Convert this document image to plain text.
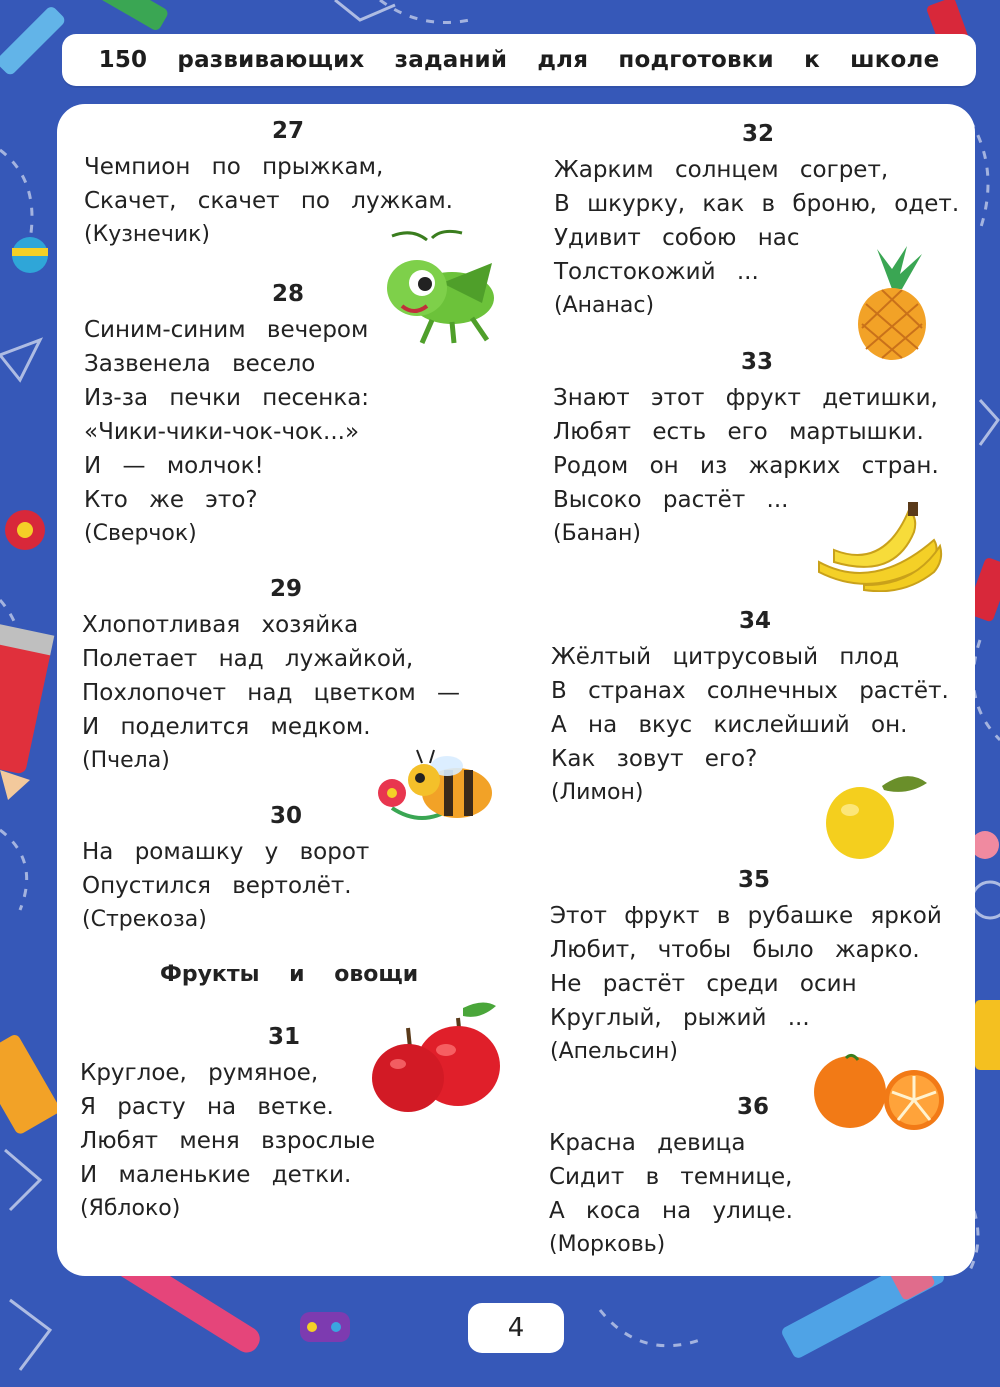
150 развивающих заданий для подготовки к школе
27
Чемпион по прыжкам,
Скачет, скачет по лужкам.
(Кузнечик)
28
Синим-синим вечером
Зазвенела весело
Из-за печки песенка:
«Чики-чики-чок-чок...»
И — молчок!
Кто же это?
(Сверчок)
29
Хлопотливая хозяйка
Полетает над лужайкой,
Похлопочет над цветком —
И поделится медком.
(Пчела)
30
На ромашку у ворот
Опустился вертолёт.
(Стрекоза)
Фрукты и овощи
31
Круглое, румяное,
Я расту на ветке.
Любят меня взрослые
И маленькие детки.
(Яблоко)
32
Жарким солнцем согрет,
В шкурку, как в броню, одет.
Удивит собою нас
Толстокожий ...
(Ананас)
33
Знают этот фрукт детишки,
Любят есть его мартышки.
Родом он из жарких стран.
Высоко растёт ...
(Банан)
34
Жёлтый цитрусовый плод
В странах солнечных растёт.
А на вкус кислейший он.
Как зовут его?
(Лимон)
35
Этот фрукт в рубашке яркой
Любит, чтобы было жарко.
Не растёт среди осин
Круглый, рыжий ...
(Апельсин)
36
Красна девица
Сидит в темнице,
А коса на улице.
(Морковь)
4
